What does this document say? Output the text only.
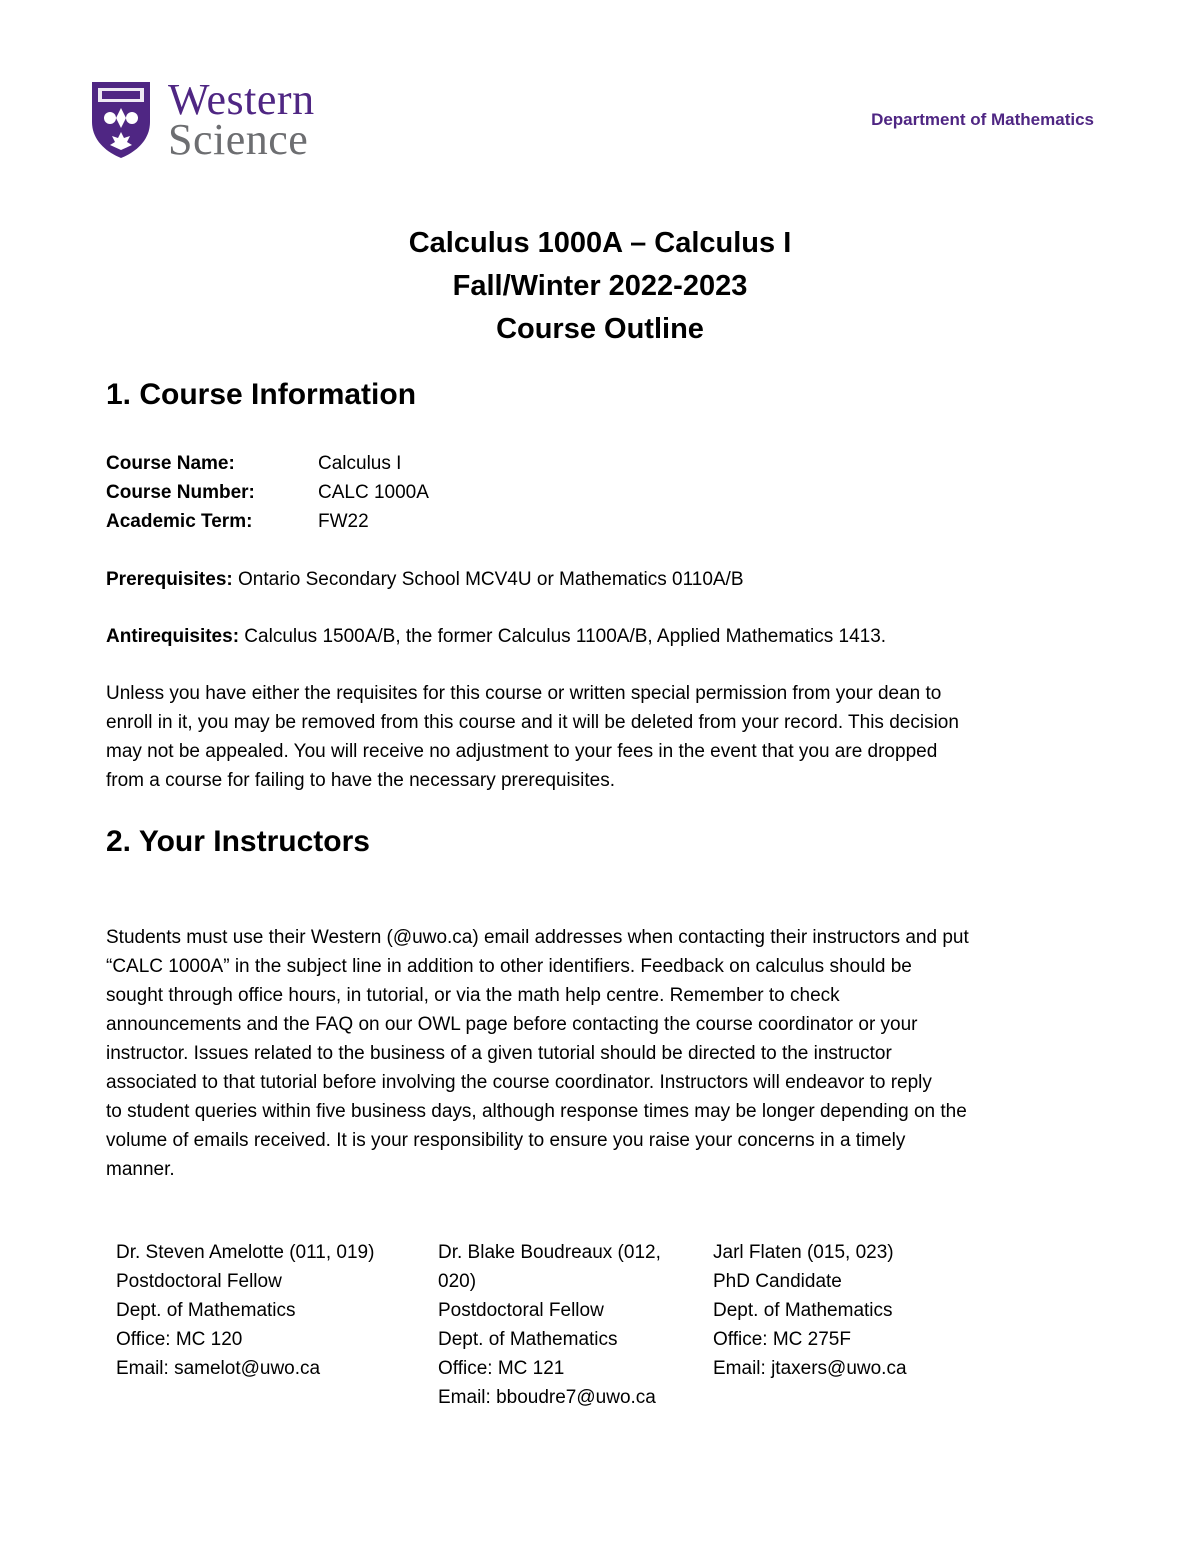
Western
Science	Department of Mathematics
Calculus 1000A – Calculus I
Fall/Winter 2022-2023
Course Outline
1. Course Information
Course Name:	Calculus I
Course Number:	CALC 1000A
Academic Term:	FW22
Prerequisites: Ontario Secondary School MCV4U or Mathematics 0110A/B
Antirequisites: Calculus 1500A/B, the former Calculus 1100A/B, Applied Mathematics 1413.
Unless you have either the requisites for this course or written special permission from your dean to
enroll in it, you may be removed from this course and it will be deleted from your record. This decision
may not be appealed. You will receive no adjustment to your fees in the event that you are dropped
from a course for failing to have the necessary prerequisites.
2. Your Instructors
Students must use their Western (@uwo.ca) email addresses when contacting their instructors and put
“CALC 1000A” in the subject line in addition to other identifiers. Feedback on calculus should be
sought through office hours, in tutorial, or via the math help centre. Remember to check
announcements and the FAQ on our OWL page before contacting the course coordinator or your
instructor. Issues related to the business of a given tutorial should be directed to the instructor
associated to that tutorial before involving the course coordinator. Instructors will endeavor to reply
to student queries within five business days, although response times may be longer depending on the
volume of emails received. It is your responsibility to ensure you raise your concerns in a timely
manner.
Dr. Steven Amelotte (011, 019)
Postdoctoral Fellow
Dept. of Mathematics
Office: MC 120
Email: samelot@uwo.ca
Dr. Blake Boudreaux (012,
020)
Postdoctoral Fellow
Dept. of Mathematics
Office: MC 121
Email: bboudre7@uwo.ca
Jarl Flaten (015, 023)
PhD Candidate
Dept. of Mathematics
Office: MC 275F
Email: jtaxers@uwo.ca
